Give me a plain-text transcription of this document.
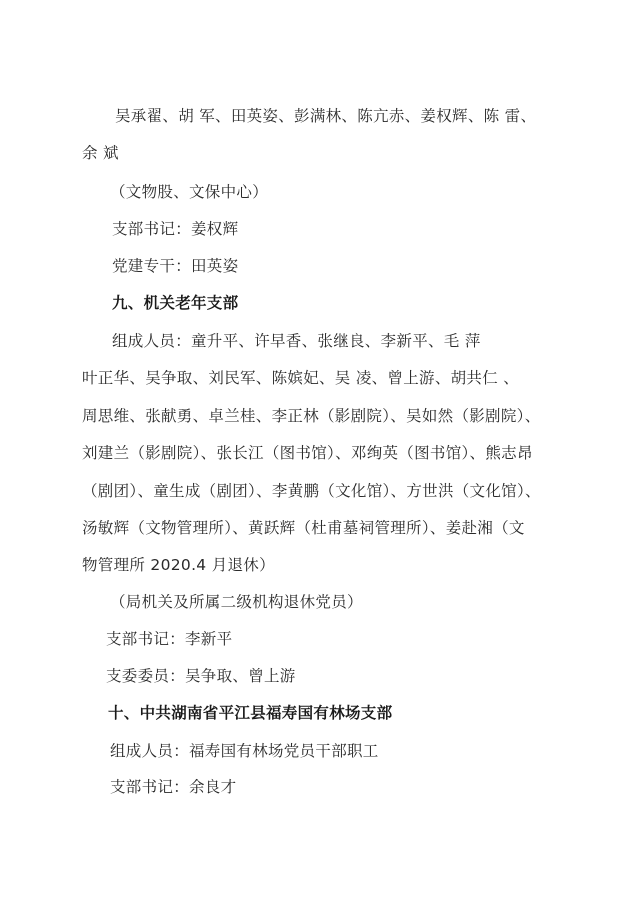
吴承翟、胡 军、田英姿、彭满林、陈亢赤、姜权辉、陈 雷、
余 斌
（文物股、文保中心）
支部书记：姜权辉
党建专干：田英姿
九、机关老年支部
组成人员：童升平、许早香、张继良、李新平、毛 萍
叶正华、吴争取、刘民军、陈嫔妃、吴 凌、曾上游、胡共仁 、
周思维、张献勇、卓兰桂、李正林（影剧院）、吴如然（影剧院）、
刘建兰（影剧院）、张长江（图书馆）、邓绚英（图书馆）、熊志昂
（剧团）、童生成（剧团）、李黄鹏（文化馆）、方世洪（文化馆）、
汤敏辉（文物管理所）、黄跃辉（杜甫墓祠管理所）、姜赴湘（文
物管理所 2020.4 月退休）
（局机关及所属二级机构退休党员）
支部书记：李新平
支委委员：吴争取、曾上游
十、中共湖南省平江县福寿国有林场支部
组成人员：福寿国有林场党员干部职工
支部书记：余良才
